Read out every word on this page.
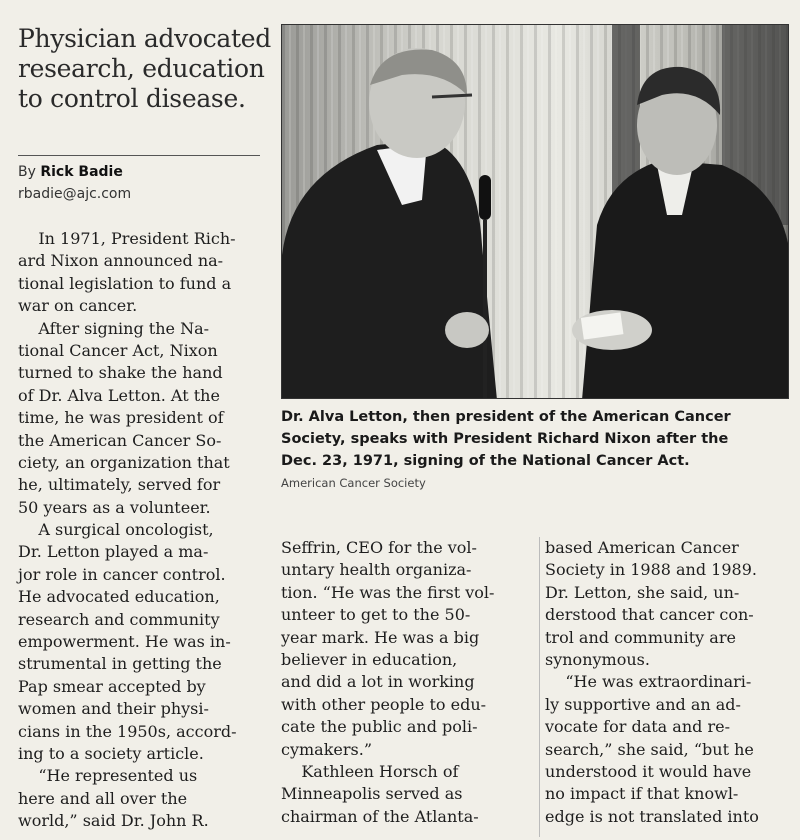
Physician advocated
research, education
to control disease.
By Rick Badie
rbadie@ajc.com
Dr. Alva Letton, then president of the American Cancer
Society, speaks with President Richard Nixon after the
Dec. 23, 1971, signing of the National Cancer Act.
American Cancer Society
In 1971, President Rich-
ard Nixon announced na-
tional legislation to fund a
war on cancer.
After signing the Na-
tional Cancer Act, Nixon
turned to shake the hand
of Dr. Alva Letton. At the
time, he was president of
the American Cancer So-
ciety, an organization that
he, ultimately, served for
50 years as a volunteer.
A surgical oncologist,
Dr. Letton played a ma-
jor role in cancer control.
He advocated education,
research and community
empowerment. He was in-
strumental in getting the
Pap smear accepted by
women and their physi-
cians in the 1950s, accord-
ing to a society article.
“He represented us
here and all over the
world,” said Dr. John R.
Seffrin, CEO for the vol-
untary health organiza-
tion. “He was the first vol-
unteer to get to the 50-
year mark. He was a big
believer in education,
and did a lot in working
with other people to edu-
cate the public and poli-
cymakers.”
Kathleen Horsch of
Minneapolis served as
chairman of the Atlanta-
based American Cancer
Society in 1988 and 1989.
Dr. Letton, she said, un-
derstood that cancer con-
trol and community are
synonymous.
“He was extraordinari-
ly supportive and an ad-
vocate for data and re-
search,” she said, “but he
understood it would have
no impact if that knowl-
edge is not translated into
